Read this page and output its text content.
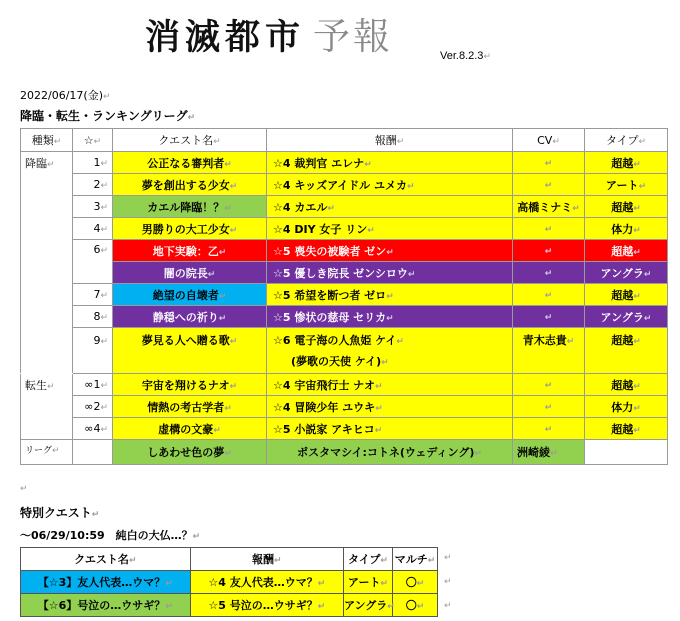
消滅都市 予報	Ver.8.2.3↵
2022/06/17(金)↵
降臨・転生・ランキングリーグ↵
種類↵	☆↵	クエスト名↵	報酬↵	CV↵	タイプ↵
降臨↵	1↵	公正なる審判者↵	☆4 裁判官 エレナ↵	↵	超越↵
	2↵	夢を創出する少女↵	☆4 キッズアイドル ユメカ↵	↵	アート↵
	3↵	カエル降臨！？↵	☆4 カエル↵	高橋ミナミ↵	超越↵
	4↵	男勝りの大工少女↵	☆4 DIY 女子 リン↵	↵	体力↵
	6↵	地下実験：乙↵	☆5 喪失の被験者 ゼン↵	↵	超越↵
		闇の院長↵	☆5 優しき院長 ゼンシロウ↵	↵	アングラ↵
	7↵	絶望の自壊者↵	☆5 希望を断つ者 ゼロ↵	↵	超越↵
	8↵	静穏への祈り↵	☆5 惨状の慈母 セリカ↵	↵	アングラ↵
	9↵	夢見る人へ贈る歌↵	☆6 電子海の人魚姫 ケイ↵
(夢歌の天使 ケイ)↵	青木志貴↵	超越↵
転生↵	∞1↵	宇宙を翔けるナオ↵	☆4 宇宙飛行士 ナオ↵	↵	超越↵
	∞2↵	情熱の考古学者↵	☆4 冒険少年 ユウキ↵	↵	体力↵
	∞4↵	虚構の文豪↵	☆5 小説家 アキヒコ↵	↵	超越↵
リーグ↵		しあわせ色の夢↵	ポスタマシイ:コトネ(ウェディング)↵	洲崎綾↵	
↵
特別クエスト↵
～06/29/10:59　純白の大仏…？↵
クエスト名↵	報酬↵	タイプ↵	マルチ↵
【☆3】友人代表…ウマ？↵	☆4 友人代表…ウマ？↵	アート↵	〇↵
【☆6】号泣の…ウサギ？↵	☆5 号泣の…ウサギ？↵	アングラ↵	〇↵
↵
↵
↵
